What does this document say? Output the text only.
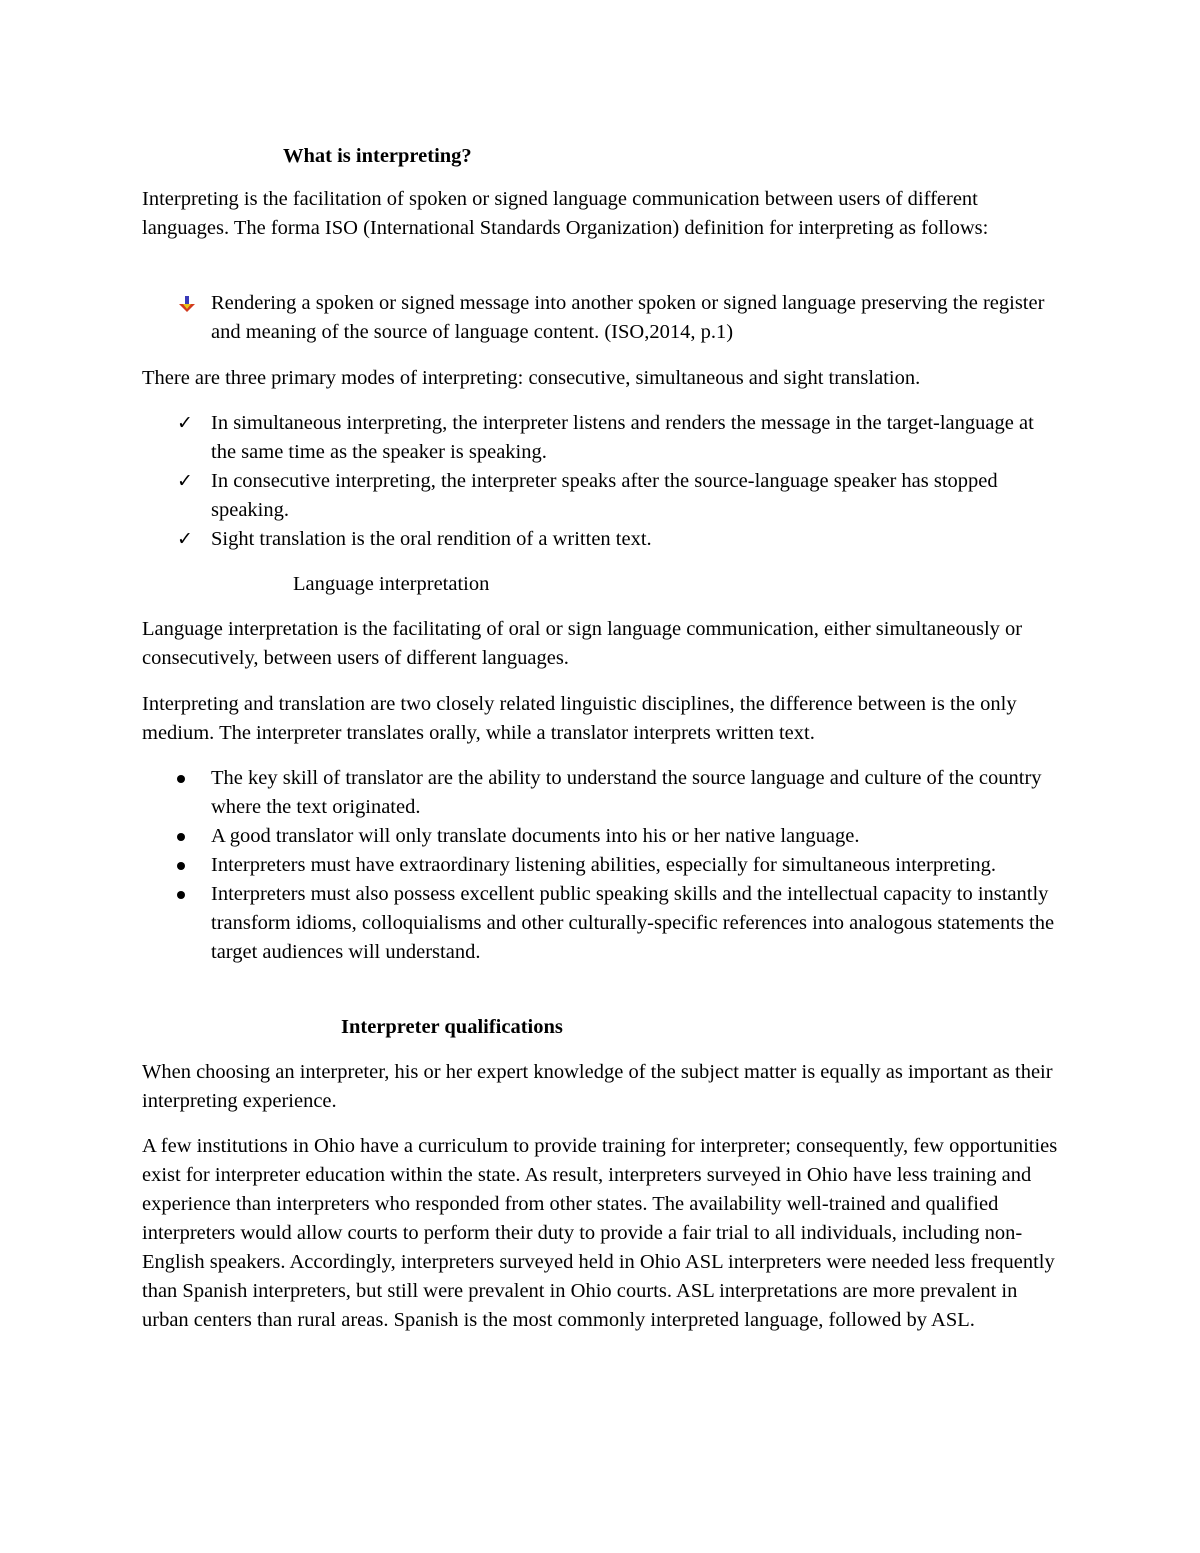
What is interpreting?

Interpreting is the facilitation of spoken or signed language communication between users of different languages. The forma ISO (International Standards Organization) definition for interpreting as follows:

Rendering a spoken or signed message into another spoken or signed language preserving the register and meaning of the source of language content. (ISO,2014, p.1)

There are three primary modes of interpreting: consecutive, simultaneous and sight translation.

✓ In simultaneous interpreting, the interpreter listens and renders the message in the target-language at the same time as the speaker is speaking.
✓ In consecutive interpreting, the interpreter speaks after the source-language speaker has stopped speaking.
✓ Sight translation is the oral rendition of a written text.

Language interpretation

Language interpretation is the facilitating of oral or sign language communication, either simultaneously or consecutively, between users of different languages.

Interpreting and translation are two closely related linguistic disciplines, the difference between is the only medium. The interpreter translates orally, while a translator interprets written text.

The key skill of translator are the ability to understand the source language and culture of the country where the text originated.
A good translator will only translate documents into his or her native language.
Interpreters must have extraordinary listening abilities, especially for simultaneous interpreting.
Interpreters must also possess excellent public speaking skills and the intellectual capacity to instantly transform idioms, colloquialisms and other culturally-specific references into analogous statements the target audiences will understand.

Interpreter qualifications

When choosing an interpreter, his or her expert knowledge of the subject matter is equally as important as their interpreting experience.

A few institutions in Ohio have a curriculum to provide training for interpreter; consequently, few opportunities exist for interpreter education within the state. As result, interpreters surveyed in Ohio have less training and experience than interpreters who responded from other states. The availability well-trained and qualified interpreters would allow courts to perform their duty to provide a fair trial to all individuals, including non-English speakers. Accordingly, interpreters surveyed held in Ohio ASL interpreters were needed less frequently than Spanish interpreters, but still were prevalent in Ohio courts. ASL interpretations are more prevalent in urban centers than rural areas. Spanish is the most commonly interpreted language, followed by ASL.
